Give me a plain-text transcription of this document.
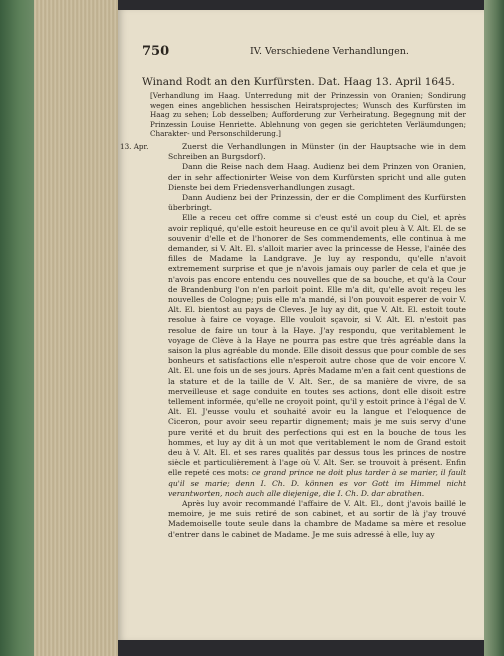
750	IV. Verschiedene Verhandlungen.
Winand Rodt an den Kurfürsten. Dat. Haag 13. April 1645.
[Verhandlung im Haag. Unterredung mit der Prinzessin von Oranien; Sondirung wegen eines angeblichen hessischen Heiratsprojectes; Wunsch des Kurfürsten im Haag zu sehen; Lob desselben; Aufforderung zur Verheiratung. Begegnung mit der Prinzessin Louise Henriette. Ablehnung von gegen sie gerichteten Verläumdungen; Charakter- und Personschilderung.]
13. Apr.	Zuerst die Verhandlungen in Münster (in der Hauptsache wie in dem Schreiben an Burgsdorf).

Dann die Reise nach dem Haag. Audienz bei dem Prinzen von Oranien, der in sehr affectionirter Weise von dem Kurfürsten spricht und alle guten Dienste bei dem Friedensverhandlungen zusagt.

Dann Audienz bei der Prinzessin, der er die Compliment des Kurfürsten überbringt.

Elle a receu cet offre comme si c'eust esté un coup du Ciel, et après avoir repliqué, qu'elle estoit heureuse en ce qu'il avoit pleu à V. Alt. El. de se souvenir d'elle et de l'honorer de Ses commendements, elle continua à me demander, si V. Alt. El. s'alloit marier avec la princesse de Hesse, l'ainée des filles de Madame la Landgrave. Je luy ay respondu, qu'elle n'avoit extremement surprise et que je n'avois jamais ouy parler de cela et que je n'avois pas encore entendu ces nouvelles que de sa bouche, et qu'à la Cour de Brandenburg l'on n'en parloit point. Elle m'a dit, qu'elle avoit reçeu les nouvelles de Cologne; puis elle m'a mandé, si l'on pouvoit esperer de voir V. Alt. El. bientost au pays de Cleves. Je luy ay dit, que V. Alt. El. estoit toute resolue à faire ce voyage. Elle vouloit sçavoir, si V. Alt. El. n'estoit pas resolue de faire un tour à la Haye. J'ay respondu, que veritablement le voyage de Clève à la Haye ne pourra pas estre que très agréable dans la saison la plus agréable du monde. Elle disoit dessus que pour comble de ses bonheurs et satisfactions elle n'esperoit autre chose que de voir encore V. Alt. El. une fois un de ses jours. Après Madame m'en a fait cent questions de la stature et de la taille de V. Alt. Ser., de sa manière de vivre, de sa merveilleuse et sage conduite en toutes ses actions, dont elle disoit estre tellement informée, qu'elle ne croyoit point, qu'il y estoit prince à l'égal de V. Alt. El. J'eusse voulu et souhaité avoir eu la langue et l'eloquence de Ciceron, pour avoir seeu repartir dignement; mais je me suis servy d'une pure verité et du bruit des perfections qui est en la bouche de tous les hommes, et luy ay dit à un mot que veritablement le nom de Grand estoit deu à V. Alt. El. et ses rares qualités par dessus tous les princes de nostre siècle et particulièrement à l'age où V. Alt. Ser. se trouvoit à présent. Enfin elle repeté ces mots: ce grand prince ne doit plus tarder à se marier, il fault qu'il se marie; denn I. Ch. D. können es vor Gott im Himmel nicht verantworten, noch auch alle diejenige, die I. Ch. D. dar abrathen.

Après luy avoir recommandé l'affaire de V. Alt. El., dont j'avois baillé le memoire, je me suis retiré de son cabinet, et au sortir de là j'ay trouvé Mademoiselle toute seule dans la chambre de Madame sa mère et resolue d'entrer dans le cabinet de Madame. Je me suis adressé à elle, luy ay
